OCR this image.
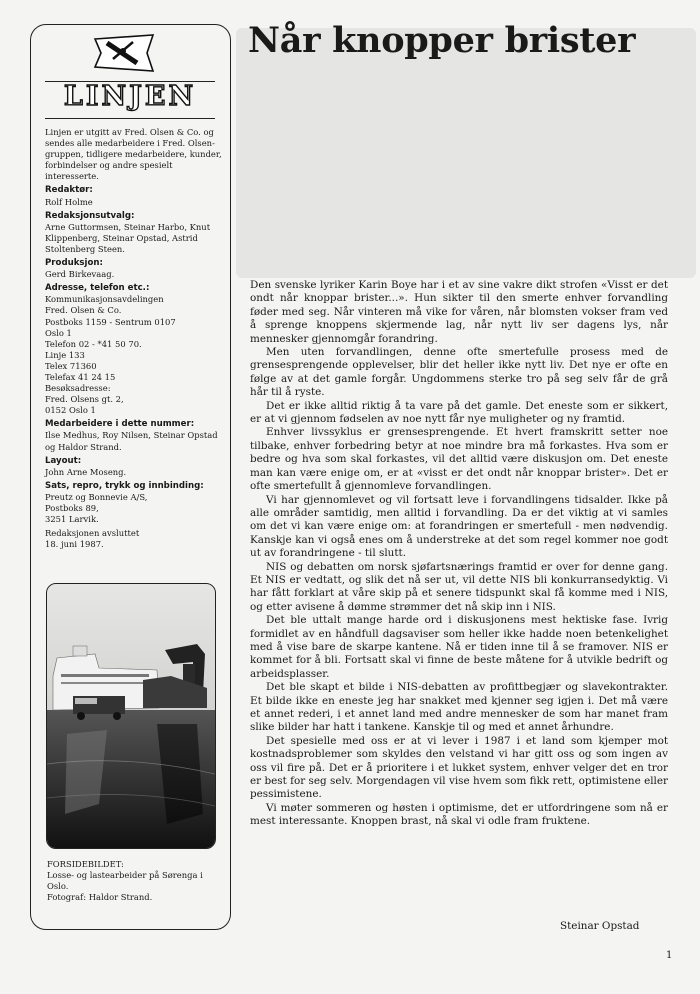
LINJEN

Linjen er utgitt av Fred. Olsen & Co. og sendes alle medarbeidere i Fred. Olsen-gruppen, tidligere medarbeidere, kunder, forbindelser og andre spesielt interesserte.

Redaktør:

Rolf Holme

Redaksjonsutvalg:

Arne Guttormsen, Steinar Harbo, Knut Klippenberg, Steinar Opstad, Astrid Stoltenberg Steen.

Produksjon:

Gerd Birkevaag.

Adresse, telefon etc.:

Kommunikasjonsavdelingen

Fred. Olsen & Co.

Postboks 1159 - Sentrum 0107

Oslo 1

Telefon 02 - *41 50 70.

Linje 133

Telex 71360

Telefax 41 24 15

Besøksadresse:

Fred. Olsens gt. 2,

0152 Oslo 1

Medarbeidere i dette nummer:

Ilse Medhus, Roy Nilsen, Steinar Opstad og Haldor Strand.

Layout:

John Arne Moseng.

Sats, repro, trykk og innbinding:

Preutz og Bonnevie A/S,

Postboks 89,

3251 Larvik.

Redaksjonen avsluttet

18. juni 1987.

FORSIDEBILDET:

Losse- og lastearbeider på Sørenga i Oslo.

Fotograf: Haldor Strand.

Når knopper brister

Den svenske lyriker Karin Boye har i et av sine vakre dikt strofen «Visst er det ondt når knoppar brister...». Hun sikter til den smerte enhver forvandling føder med seg. Når vinteren må vike for våren, når blomsten vokser fram ved å sprenge knoppens skjermende lag, når nytt liv ser dagens lys, når mennesker gjennomgår forandring.

Men uten forvandlingen, denne ofte smertefulle prosess med de grensesprengende opplevelser, blir det heller ikke nytt liv. Det nye er ofte en følge av at det gamle forgår. Ungdommens sterke tro på seg selv får de grå hår til å ryste.

Det er ikke alltid riktig å ta vare på det gamle. Det eneste som er sikkert, er at vi gjennom fødselen av noe nytt får nye muligheter og ny framtid.

Enhver livssyklus er grensesprengende. Et hvert framskritt setter noe tilbake, enhver forbedring betyr at noe mindre bra må forkastes. Hva som er bedre og hva som skal forkastes, vil det alltid være diskusjon om. Det eneste man kan være enige om, er at «visst er det ondt når knoppar brister». Det er ofte smertefullt å gjennomleve forvandlingen.

Vi har gjennomlevet og vil fortsatt leve i forvandlingens tidsalder. Ikke på alle områder samtidig, men alltid i forvandling. Da er det viktig at vi samles om det vi kan være enige om: at forandringen er smertefull - men nødvendig. Kanskje kan vi også enes om å understreke at det som regel kommer noe godt ut av forandringene - til slutt.

NIS og debatten om norsk sjøfartsnærings framtid er over for denne gang. Et NIS er vedtatt, og slik det nå ser ut, vil dette NIS bli konkurransedyktig. Vi har fått forklart at våre skip på et senere tidspunkt skal få komme med i NIS, og etter avisene å dømme strømmer det nå skip inn i NIS.

Det ble uttalt mange harde ord i diskusjonens mest hektiske fase. Ivrig formidlet av en håndfull dagsaviser som heller ikke hadde noen betenkelighet med å vise bare de skarpe kantene. Nå er tiden inne til å se framover. NIS er kommet for å bli. Fortsatt skal vi finne de beste måtene for å utvikle bedrift og arbeidsplasser.

Det ble skapt et bilde i NIS-debatten av profittbegjær og slavekontrakter. Et bilde ikke en eneste jeg har snakket med kjenner seg igjen i. Det må være et annet rederi, i et annet land med andre mennesker de som har manet fram slike bilder har hatt i tankene. Kanskje til og med et annet århundre.

Det spesielle med oss er at vi lever i 1987 i et land som kjemper mot kostnadsproblemer som skyldes den velstand vi har gitt oss og som ingen av oss vil fire på. Det er å prioritere i et lukket system, enhver velger det en tror er best for seg selv. Morgendagen vil vise hvem som fikk rett, optimistene eller pessimistene.

Vi møter sommeren og høsten i optimisme, det er utfordringene som nå er mest interessante. Knoppen brast, nå skal vi odle fram fruktene.

Steinar Opstad
1
